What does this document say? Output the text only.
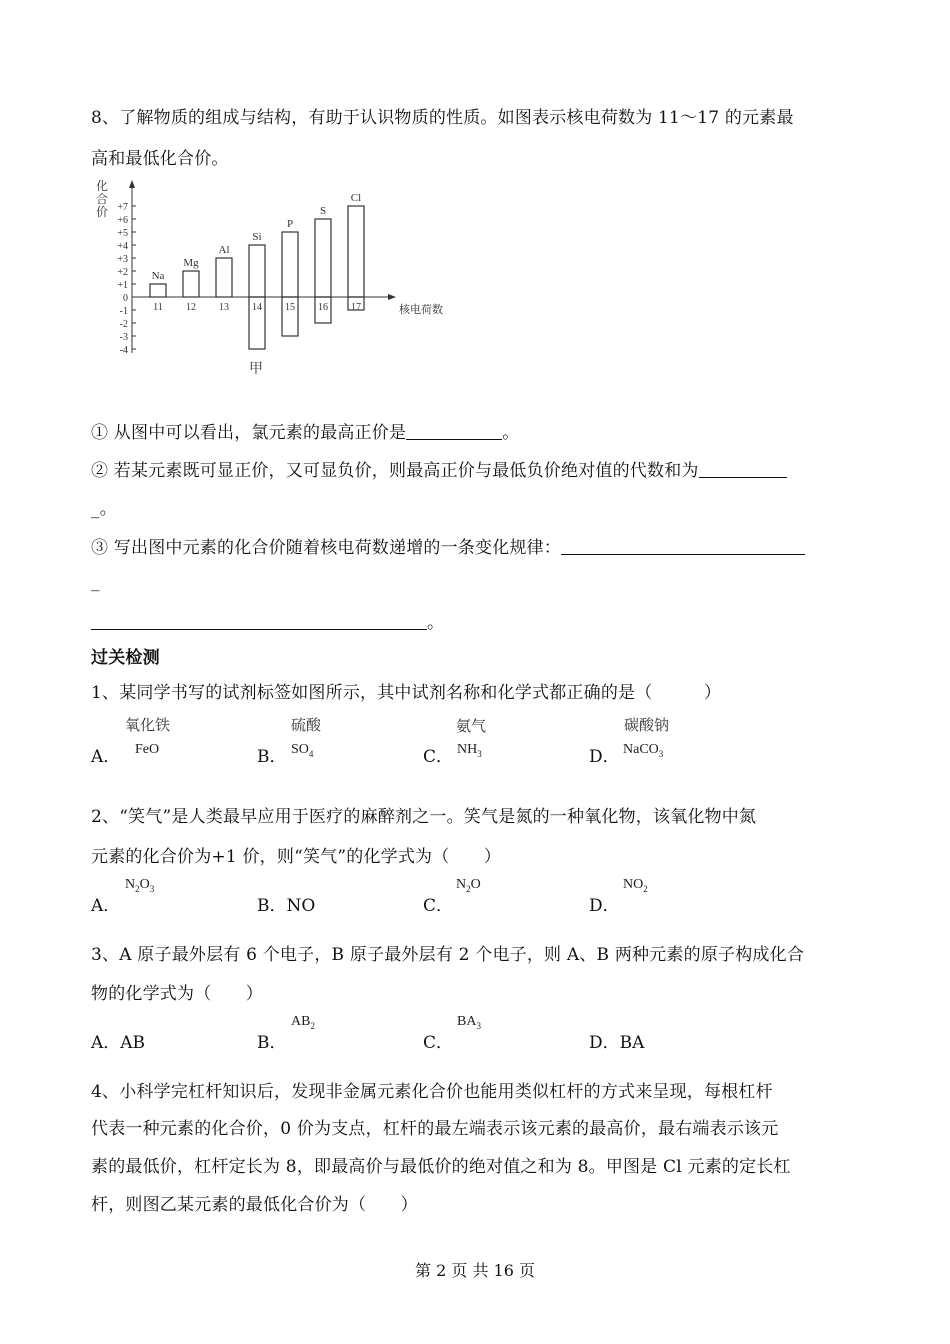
8、了解物质的组成与结构，有助于认识物质的性质。如图表示核电荷数为 11～17 的元素最
高和最低化合价。
化
合
价
核电荷数
+7
+6
+5
+4
+3
+2
+1
0
-1
-2
-3
-4
Na
11
Mg
12
Al
13
Si
14
P
15
S
16
Cl
17
甲
① 从图中可以看出，氯元素的最高正价是	。
② 若某元素既可显正价，又可显负价，则最高正价与最低负价绝对值的代数和为
_。
③ 写出图中元素的化合价随着核电荷数递增的一条变化规律：
_
。
过关检测
1、某同学书写的试剂标签如图所示，其中试剂名称和化学式都正确的是（　　　）
氧化铁	硫酸	氨气	碳酸钠
A． FeO	B． $SO_4$	C． $NH_3$	D． NaCO$_3$
2、“笑气”是人类最早应用于医疗的麻醉剂之一。笑气是氮的一种氧化物，该氧化物中氮
元素的化合价为+1 价，则“笑气”的化学式为（　　）
A．
$N_2O_3$
B．NO	C．
$N_2O$
D．
$NO_2$
3、A 原子最外层有 6 个电子，B 原子最外层有 2 个电子，则 A、B 两种元素的原子构成化合
物的化学式为（　　）
A．AB	B．
$AB_2$
C．
$BA_3$
D．BA
4、小科学完杠杆知识后，发现非金属元素化合价也能用类似杠杆的方式来呈现，每根杠杆
代表一种元素的化合价，0 价为支点，杠杆的最左端表示该元素的最高价，最右端表示该元
素的最低价，杠杆定长为 8，即最高价与最低价的绝对值之和为 8。甲图是 Cl 元素的定长杠
杆，则图乙某元素的最低化合价为（　　）
第 2 页 共 16 页
